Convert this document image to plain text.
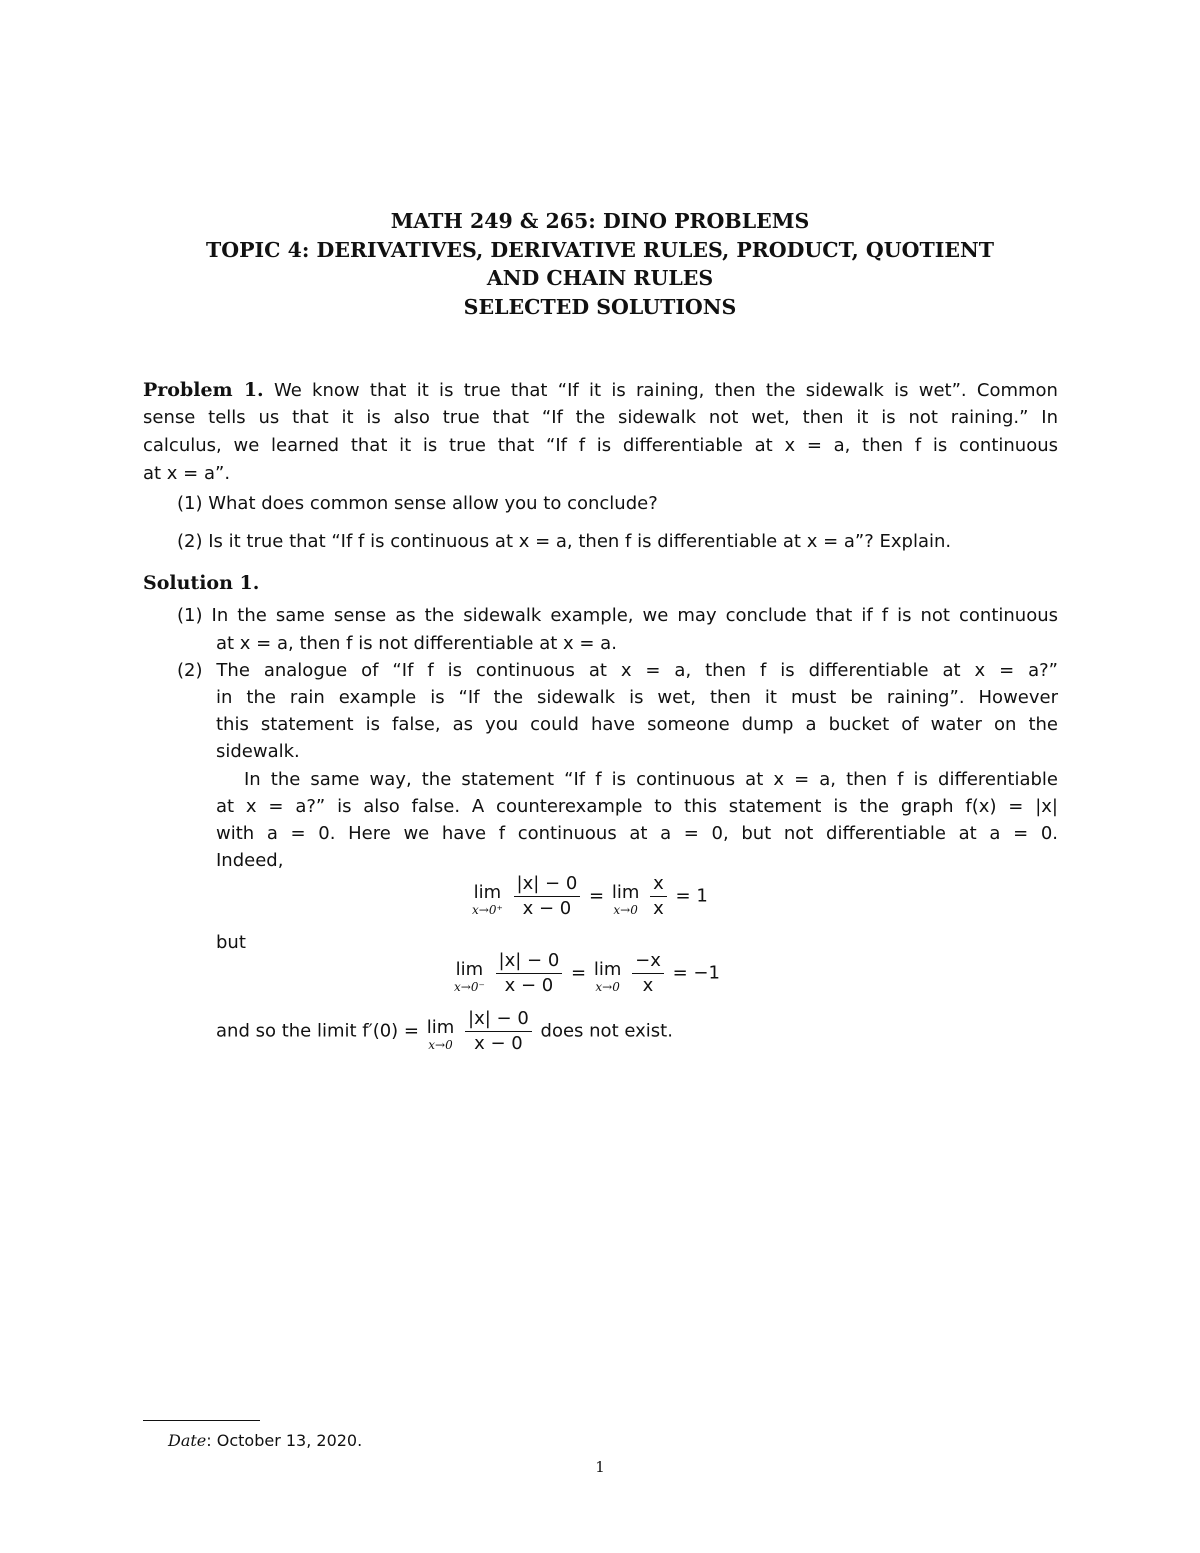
MATH 249 & 265: DINO PROBLEMS
TOPIC 4: DERIVATIVES, DERIVATIVE RULES, PRODUCT, QUOTIENT
AND CHAIN RULES
SELECTED SOLUTIONS
Problem 1. We know that it is true that “If it is raining, then the sidewalk is wet”. Common
sense tells us that it is also true that “If the sidewalk not wet, then it is not raining.” In
calculus, we learned that it is true that “If f is differentiable at x = a, then f is continuous
at x = a”.
(1) What does common sense allow you to conclude?
(2) Is it true that “If f is continuous at x = a, then f is differentiable at x = a”? Explain.
Solution 1.
(1) In the same sense as the sidewalk example, we may conclude that if f is not continuous
at x = a, then f is not differentiable at x = a.
(2) The analogue of “If f is continuous at x = a, then f is differentiable at x = a?”
in the rain example is “If the sidewalk is wet, then it must be raining”. However
this statement is false, as you could have someone dump a bucket of water on the
sidewalk.
In the same way, the statement “If f is continuous at x = a, then f is differentiable
at x = a?” is also false. A counterexample to this statement is the graph f(x) = |x|
with a = 0. Here we have f continuous at a = 0, but not differentiable at a = 0.
Indeed,
lim
x→0⁺
$\frac{|x| - 0}{x - 0} = \lim$
x→0
$\frac{x}{x} = 1$
but
lim
x→0⁻
$\frac{|x| - 0}{x - 0} = \lim$
x→0
$\frac{-x}{x} = -1$
and so the limit f′(0) = lim
x→0
$\frac{|x| - 0}{x - 0}$ does not exist.
Date: October 13, 2020.
1
